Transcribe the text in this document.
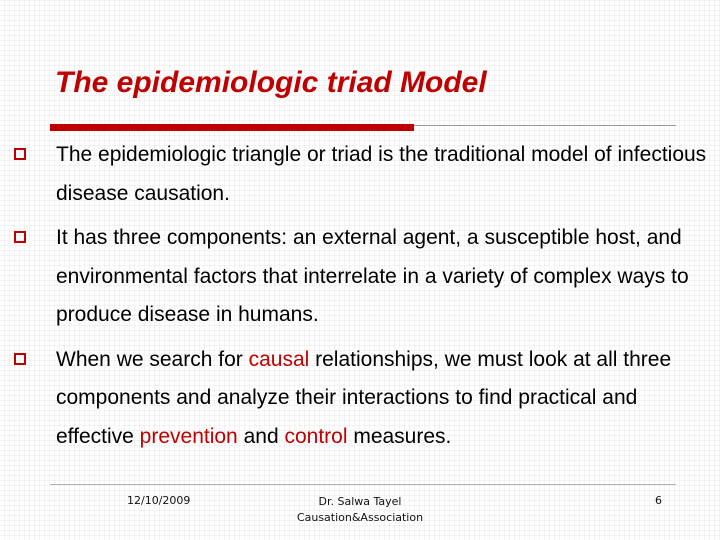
The epidemiologic triad Model
The epidemiologic triangle or triad is the traditional model of infectious disease causation.
It has three components: an external agent, a susceptible host, and environmental factors that interrelate in a variety of complex ways to produce disease in humans.
When we search for causal relationships, we must look at all three components and analyze their interactions to find practical and effective prevention and control measures.
12/10/2009	Dr. Salwa Tayel
Causation&Association
6
